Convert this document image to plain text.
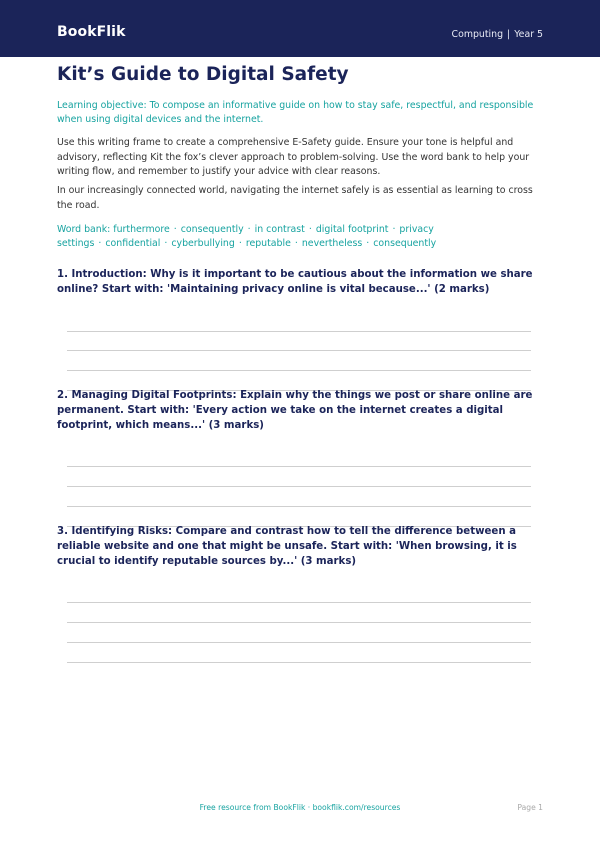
BookFlik	Computing | Year 5
Kit’s Guide to Digital Safety

Learning objective: To compose an informative guide on how to stay safe, respectful, and responsible when using digital devices and the internet.

Use this writing frame to create a comprehensive E-Safety guide. Ensure your tone is helpful and advisory, reflecting Kit the fox’s clever approach to problem-solving. Use the word bank to help your writing flow, and remember to justify your advice with clear reasons.

In our increasingly connected world, navigating the internet safely is as essential as learning to cross the road.

Word bank: furthermore · consequently · in contrast · digital footprint · privacy settings · confidential · cyberbullying · reputable · nevertheless · consequently

1. Introduction: Why is it important to be cautious about the information we share online? Start with: 'Maintaining privacy online is vital because...' (2 marks)

2. Managing Digital Footprints: Explain why the things we post or share online are permanent. Start with: 'Every action we take on the internet creates a digital footprint, which means...' (3 marks)

3. Identifying Risks: Compare and contrast how to tell the difference between a reliable website and one that might be unsafe. Start with: 'When browsing, it is crucial to identify reputable sources by...' (3 marks)

Free resource from BookFlik · bookflik.com/resources	Page 1
